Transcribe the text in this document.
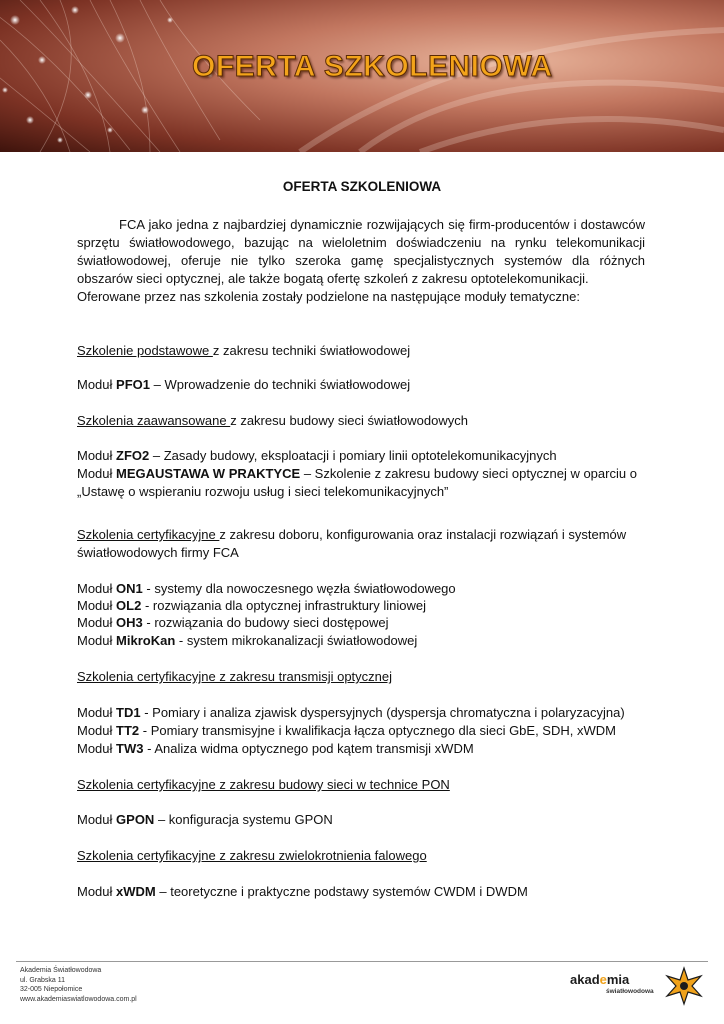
OFERTA SZKOLENIOWA
OFERTA SZKOLENIOWA
FCA jako jedna z najbardziej dynamicznie rozwijających się firm-producentów i dostawców sprzętu światłowodowego, bazując na wieloletnim doświadczeniu na rynku telekomunikacji światłowodowej, oferuje nie tylko szeroka gamę specjalistycznych systemów dla różnych obszarów sieci optycznej, ale także bogatą ofertę szkoleń z zakresu optotelekomunikacji.
Oferowane przez nas szkolenia zostały podzielone na następujące moduły tematyczne:
Szkolenie podstawowe z zakresu techniki światłowodowej
Moduł PFO1 – Wprowadzenie do techniki światłowodowej
Szkolenia zaawansowane z zakresu budowy sieci światłowodowych
Moduł ZFO2 – Zasady budowy, eksploatacji i pomiary linii optotelekomunikacyjnych
Moduł MEGAUSTAWA W PRAKTYCE – Szkolenie z zakresu budowy sieci optycznej w oparciu o
„Ustawę o wspieraniu rozwoju usług i sieci telekomunikacyjnych”
Szkolenia certyfikacyjne z zakresu doboru, konfigurowania oraz instalacji rozwiązań i systemów
światłowodowych firmy FCA
Moduł ON1 - systemy dla nowoczesnego węzła światłowodowego
Moduł OL2 - rozwiązania dla optycznej infrastruktury liniowej
Moduł OH3 - rozwiązania do budowy sieci dostępowej
Moduł MikroKan - system mikrokanalizacji światłowodowej
Szkolenia certyfikacyjne z zakresu transmisji optycznej
Moduł TD1 - Pomiary i analiza zjawisk dyspersyjnych (dyspersja chromatyczna i polaryzacyjna)
Moduł TT2 - Pomiary transmisyjne i kwalifikacja łącza optycznego dla sieci GbE, SDH, xWDM
Moduł TW3 - Analiza widma optycznego pod kątem transmisji xWDM
Szkolenia certyfikacyjne z zakresu budowy sieci w technice PON
Moduł GPON – konfiguracja systemu GPON
Szkolenia certyfikacyjne z zakresu zwielokrotnienia falowego
Moduł xWDM – teoretyczne i praktyczne podstawy systemów CWDM i DWDM
Akademia Światłowodowa
ul. Grabska 11
32-005 Niepołomice
www.akademiaswiatlowodowa.com.pl
akademia
światłowodowa
